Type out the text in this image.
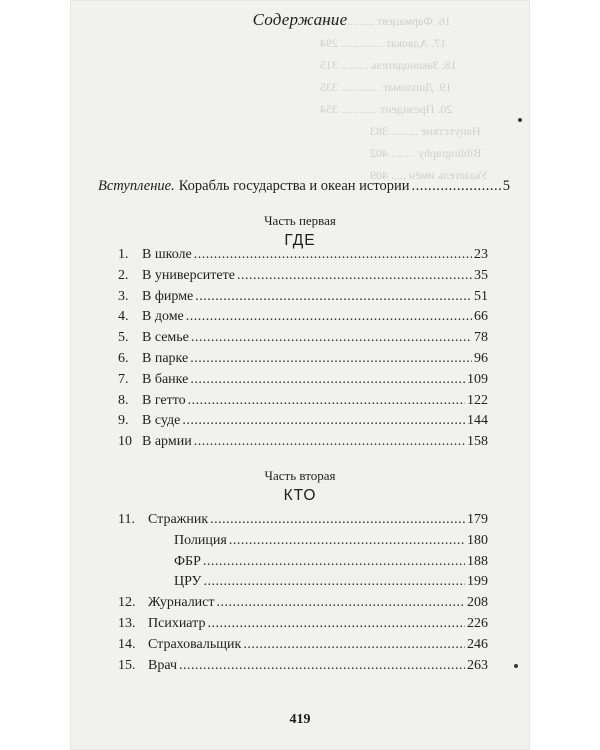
16. Фармацевт ........... 282
17. Адвокат .............. 294
18. Законодатель ......... 315
19. Дипломат ............. 335
20. Президент ............ 354
Напутствие ......... 383
Bibliography ........ 402
Указатель имён ..... 409
Содержание
Вступление. Корабль государства и океан истории .....	5
Часть первая
ГДЕ
1. В школе .....	23
2. В университете .....	35
3. В фирме .....	51
4. В доме .....	66
5. В семье .....	78
6. В парке .....	96
7. В банке .....	109
8. В гетто .....	122
9. В суде .....	144
10 В армии .....	158
Часть вторая
КТО
11. Стражник .....	179
Полиция .....	180
ФБР .....	188
ЦРУ .....	199
12. Журналист .....	208
13. Психиатр .....	226
14. Страховальщик .....	246
15. Врач .....	263
419
